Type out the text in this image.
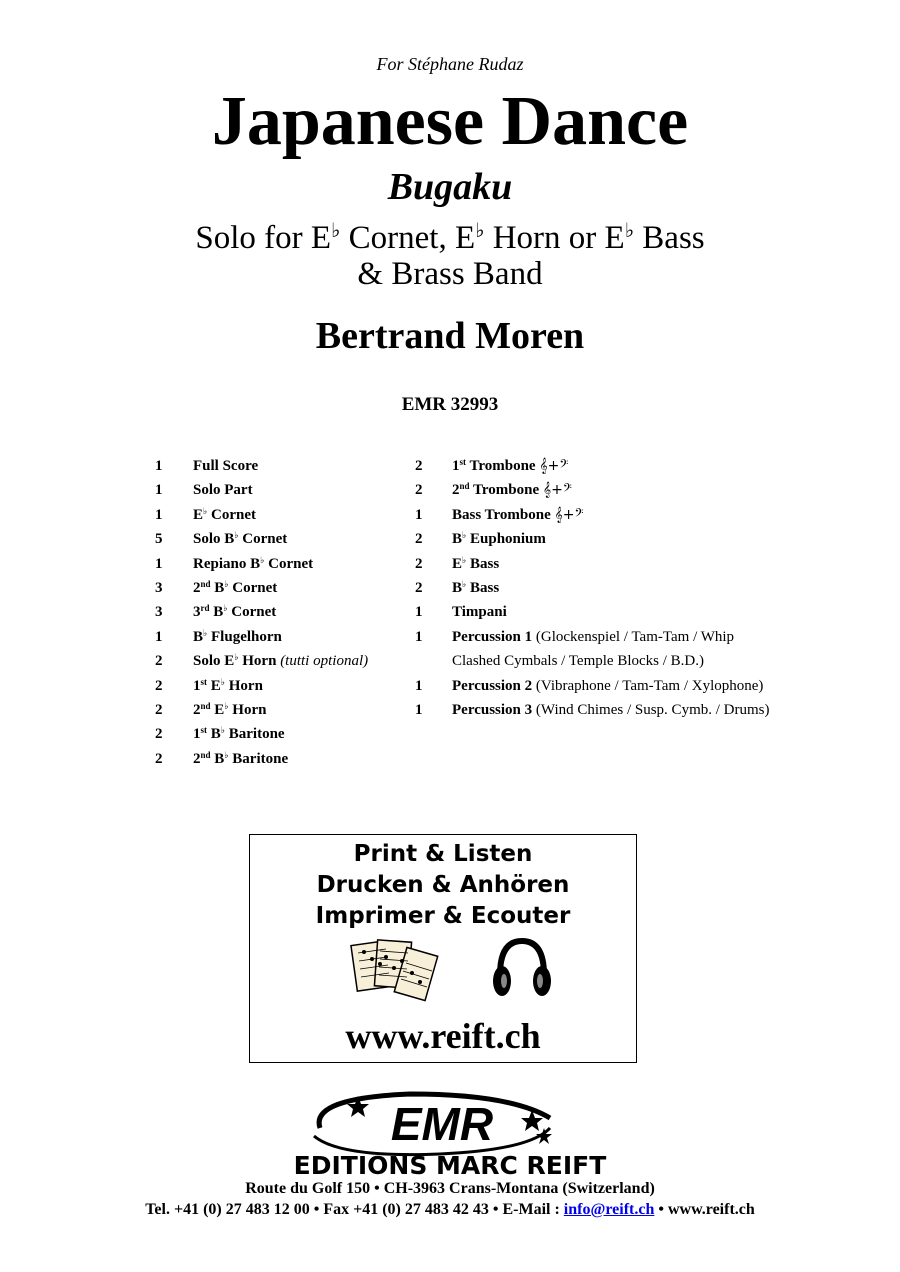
For Stéphane Rudaz
Japanese Dance
Bugaku
Solo for E♭ Cornet, E♭ Horn or E♭ Bass
& Brass Band
Bertrand Moren
EMR 32993
1 Full Score
1 Solo Part
1 E♭ Cornet
5 Solo B♭ Cornet
1 Repiano B♭ Cornet
3 2nd B♭ Cornet
3 3rd B♭ Cornet
1 B♭ Flugelhorn
2 Solo E♭ Horn (tutti optional)
2 1st E♭ Horn
2 2nd E♭ Horn
2 1st B♭ Baritone
2 2nd B♭ Baritone
2 1st Trombone 𝄞+𝄢
2 2nd Trombone 𝄞+𝄢
1 Bass Trombone 𝄞+𝄢
2 B♭ Euphonium
2 E♭ Bass
2 B♭ Bass
1 Timpani
1 Percussion 1 (Glockenspiel / Tam-Tam / Whip
Clashed Cymbals / Temple Blocks / B.D.)
1 Percussion 2 (Vibraphone / Tam-Tam / Xylophone)
1 Percussion 3 (Wind Chimes / Susp. Cymb. / Drums)
Print & Listen
Drucken & Anhören
Imprimer & Ecouter
www.reift.ch
EMR
EDITIONS MARC REIFT
Route du Golf 150 • CH-3963 Crans-Montana (Switzerland)
Tel. +41 (0) 27 483 12 00 • Fax +41 (0) 27 483 42 43 • E-Mail : info@reift.ch • www.reift.ch
